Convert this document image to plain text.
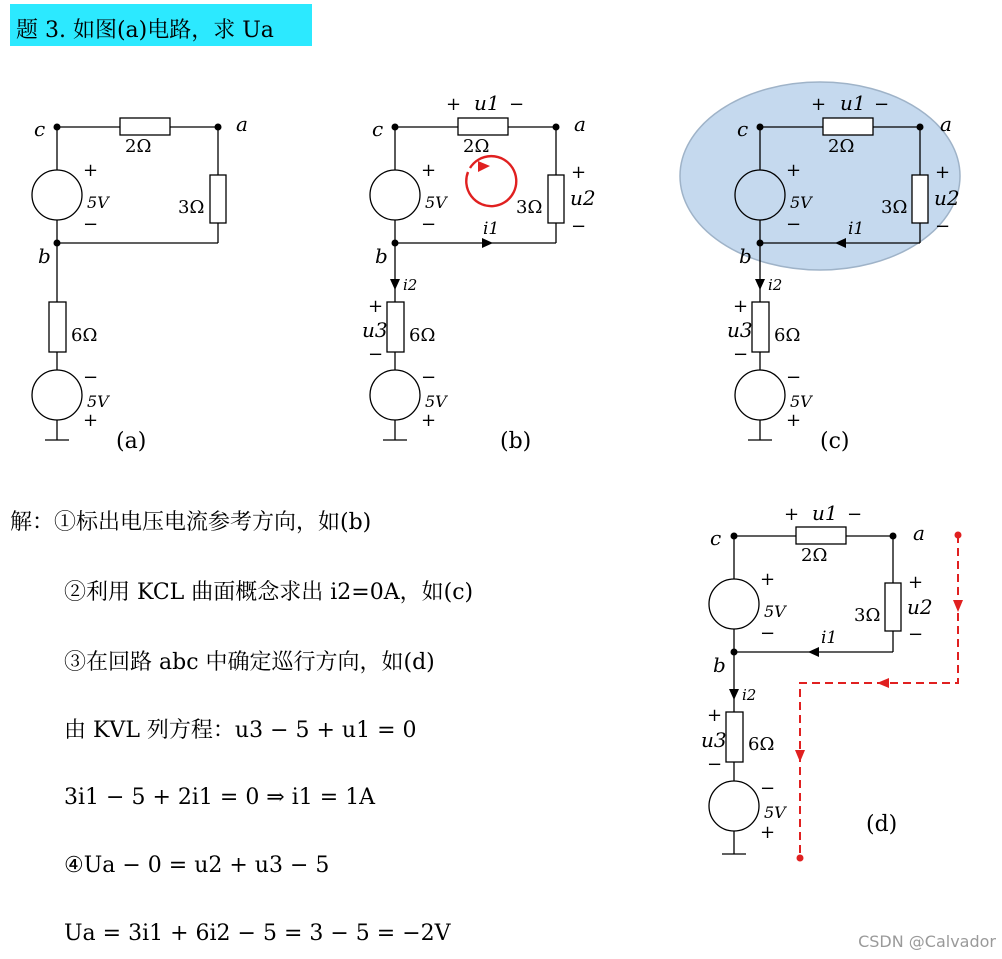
题 3. 如图(a)电路，求 Ua
c	a
b
2Ω
3Ω
6Ω
+
5V
−
−
5V
+
(a)
c	a
b
2Ω
3Ω
6Ω
+ u1 −
+
u2
−
i1
i2
+
u3
−
+
5V
−
−
5V
+
(b)
c	a
b
2Ω
3Ω
6Ω
+ u1 −
+
u2
−
i1
i2
+
u3
−
+
5V
−
−
5V
+
(c)
c	a
b
2Ω
3Ω
6Ω
+ u1 −
+
u2
−
i1
i2
+
u3
−
+
5V
−
−
5V
+	(d)
解：①标出电压电流参考方向，如(b)
②利用 KCL 曲面概念求出 i2=0A，如(c)
③在回路 abc 中确定巡行方向，如(d)
由 KVL 列方程：u3 − 5 + u1 = 0
3i1 − 5 + 2i1 = 0 ⇒ i1 = 1A
④Ua − 0 = u2 + u3 − 5
Ua = 3i1 + 6i2 − 5 = 3 − 5 = −2V	CSDN @Calvador
